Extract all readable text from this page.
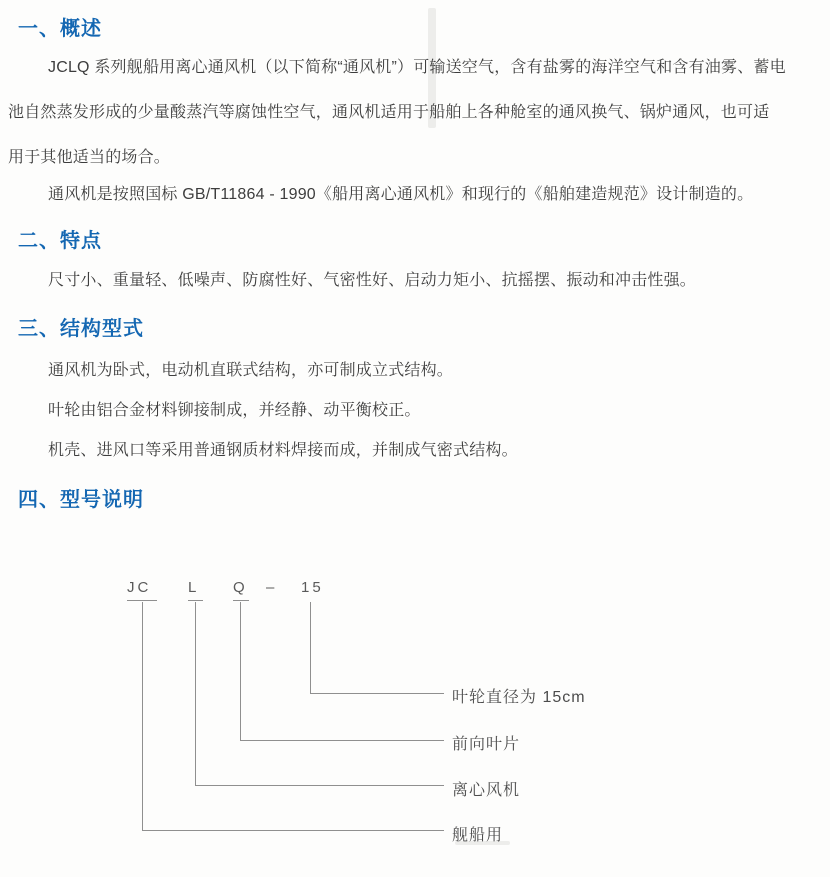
一、概述
JCLQ 系列舰船用离心通风机（以下简称“通风机”）可输送空气，含有盐雾的海洋空气和含有油雾、蓄电
池自然蒸发形成的少量酸蒸汽等腐蚀性空气，通风机适用于船舶上各种舱室的通风换气、锅炉通风，也可适
用于其他适当的场合。
通风机是按照国标 GB/T11864 - 1990《船用离心通风机》和现行的《船舶建造规范》设计制造的。
二、特点
尺寸小、重量轻、低噪声、防腐性好、气密性好、启动力矩小、抗摇摆、振动和冲击性强。
三、结构型式
通风机为卧式，电动机直联式结构，亦可制成立式结构。
叶轮由铝合金材料铆接制成，并经静、动平衡校正。
机壳、进风口等采用普通钢质材料焊接而成，并制成气密式结构。
四、型号说明
JC L Q – 15
叶轮直径为 15cm
前向叶片
离心风机
舰船用
